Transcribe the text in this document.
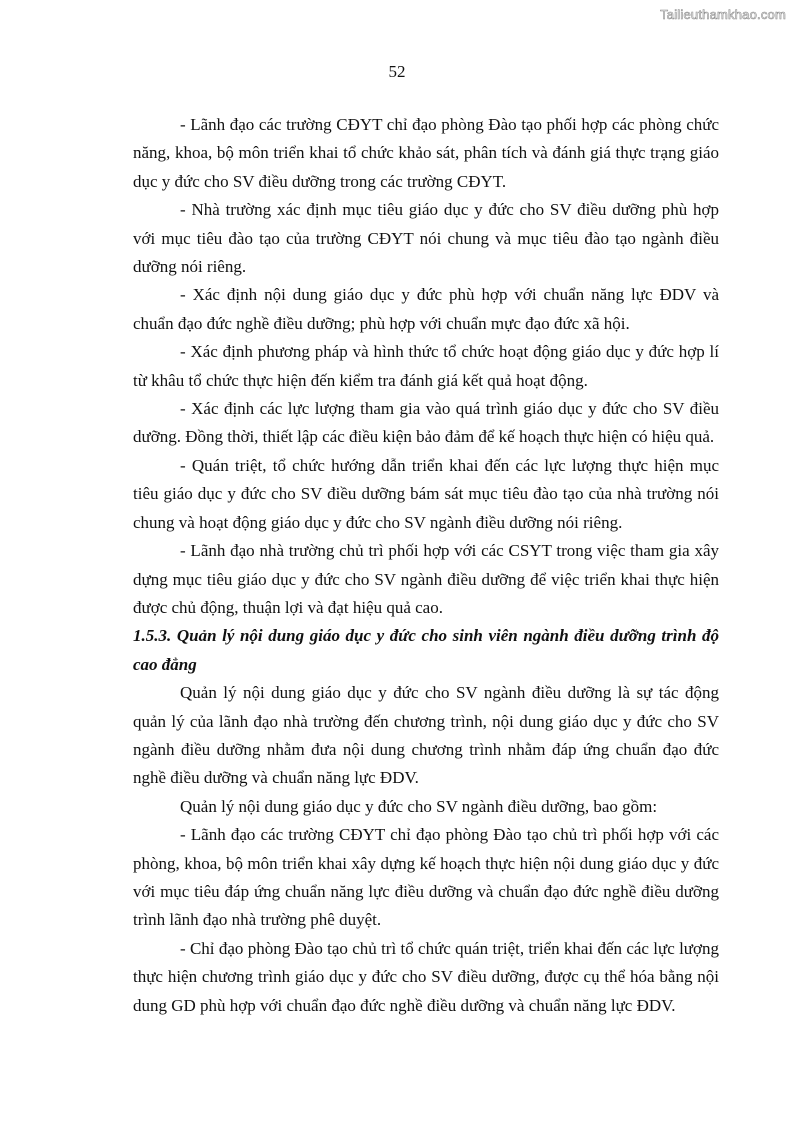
Tailieuthamkhao.com
52

- Lãnh đạo các trường CĐYT chỉ đạo phòng Đào tạo phối hợp các phòng chức năng, khoa, bộ môn triển khai tổ chức khảo sát, phân tích và đánh giá thực trạng giáo dục y đức cho SV điều dưỡng trong các trường CĐYT.

- Nhà trường xác định mục tiêu giáo dục y đức cho SV điều dưỡng phù hợp với mục tiêu đào tạo của trường CĐYT nói chung và mục tiêu đào tạo ngành điều dưỡng nói riêng.

- Xác định nội dung giáo dục y đức phù hợp với chuẩn năng lực ĐDV và chuẩn đạo đức nghề điều dưỡng; phù hợp với chuẩn mực đạo đức xã hội.

- Xác định phương pháp và hình thức tổ chức hoạt động giáo dục y đức hợp lí từ khâu tổ chức thực hiện đến kiểm tra đánh giá kết quả hoạt động.

- Xác định các lực lượng tham gia vào quá trình giáo dục y đức cho SV điều dưỡng. Đồng thời, thiết lập các điều kiện bảo đảm để kế hoạch thực hiện có hiệu quả.

- Quán triệt, tổ chức hướng dẫn triển khai đến các lực lượng thực hiện mục tiêu giáo dục y đức cho SV điều dưỡng bám sát mục tiêu đào tạo của nhà trường nói chung và hoạt động giáo dục y đức cho SV ngành điều dưỡng nói riêng.

- Lãnh đạo nhà trường chủ trì phối hợp với các CSYT trong việc tham gia xây dựng mục tiêu giáo dục y đức cho SV ngành điều dưỡng để việc triển khai thực hiện được chủ động, thuận lợi và đạt hiệu quả cao.

1.5.3. Quản lý nội dung giáo dục y đức cho sinh viên ngành điều dưỡng trình độ cao đẳng

Quản lý nội dung giáo dục y đức cho SV ngành điều dưỡng là sự tác động quản lý của lãnh đạo nhà trường đến chương trình, nội dung giáo dục y đức cho SV ngành điều dưỡng nhằm đưa nội dung chương trình nhằm đáp ứng chuẩn đạo đức nghề điều dưỡng và chuẩn năng lực ĐDV.

Quản lý nội dung giáo dục y đức cho SV ngành điều dưỡng, bao gồm:

- Lãnh đạo các trường CĐYT chỉ đạo phòng Đào tạo chủ trì phối hợp với các phòng, khoa, bộ môn triển khai xây dựng kế hoạch thực hiện nội dung giáo dục y đức với mục tiêu đáp ứng chuẩn năng lực điều dưỡng và chuẩn đạo đức nghề điều dưỡng trình lãnh đạo nhà trường phê duyệt.

- Chỉ đạo phòng Đào tạo chủ trì tổ chức quán triệt, triển khai đến các lực lượng thực hiện chương trình giáo dục y đức cho SV điều dưỡng, được cụ thể hóa bằng nội dung GD phù hợp với chuẩn đạo đức nghề điều dưỡng và chuẩn năng lực ĐDV.
